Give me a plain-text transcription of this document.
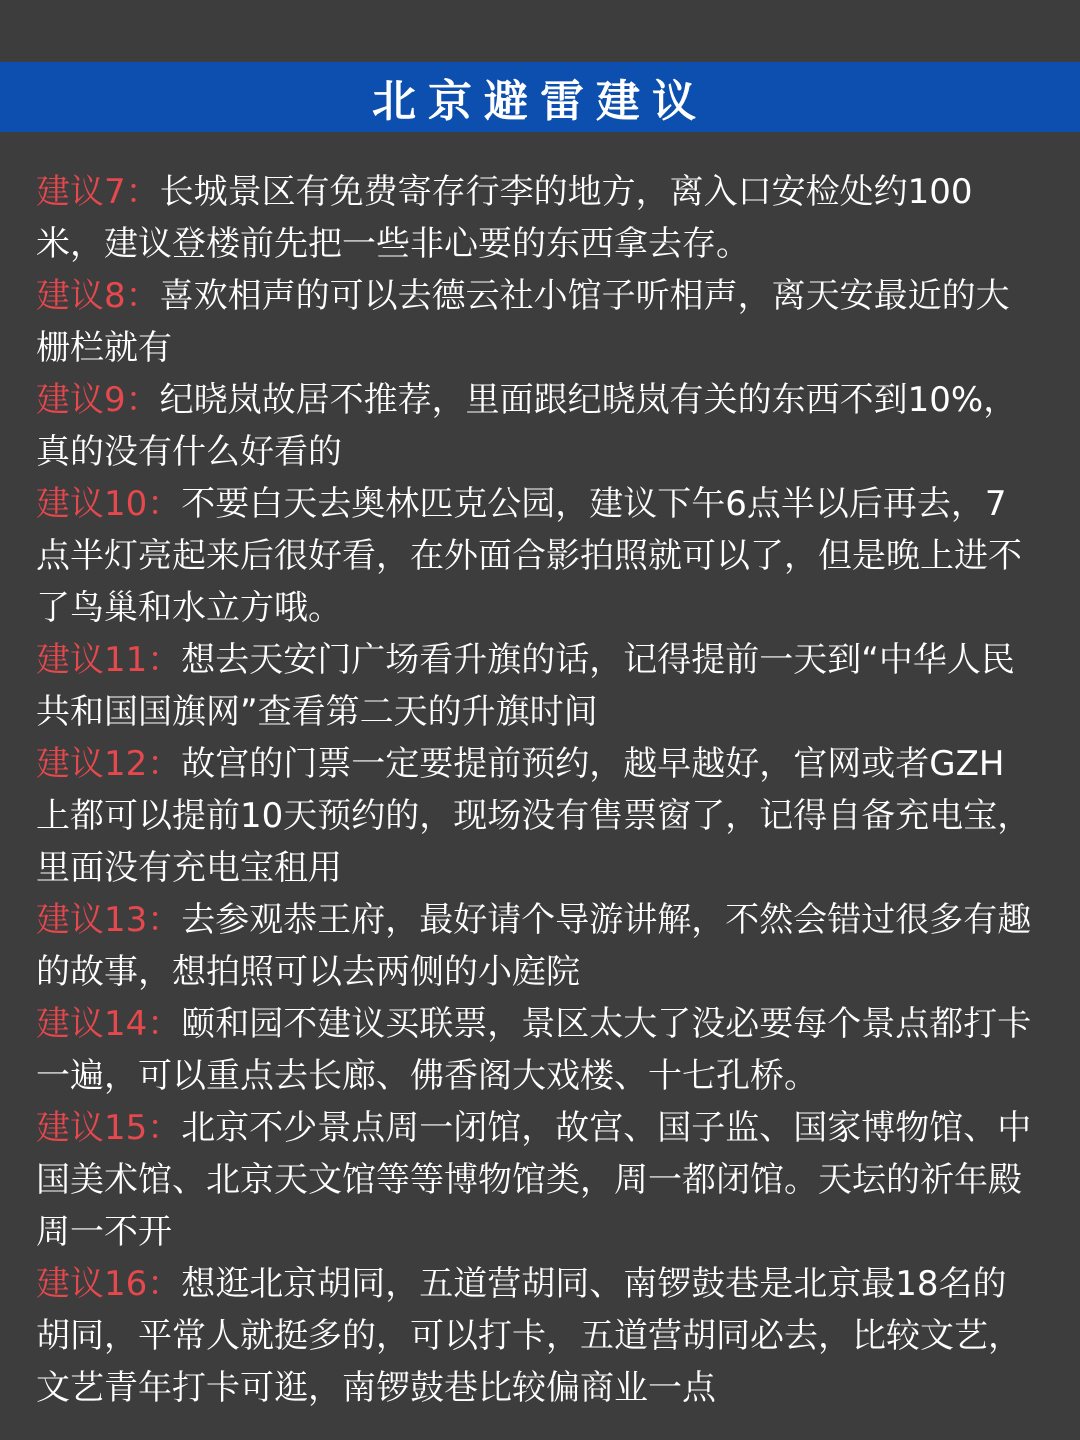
北京避雷建议
建议7：长城景区有免费寄存行李的地方，离入口安检处约100米，建议登楼前先把一些非心要的东西拿去存。
建议8：喜欢相声的可以去德云社小馆子听相声，离天安最近的大栅栏就有
建议9：纪晓岚故居不推荐，里面跟纪晓岚有关的东西不到10%， 真的没有什么好看的
建议10：不要白天去奥林匹克公园，建议下午6点半以后再去，7点半灯亮起来后很好看，在外面合影拍照就可以了，但是晚上进不了鸟巢和水立方哦。
建议11：想去天安门广场看升旗的话，记得提前一天到“中华人民共和国国旗网”查看第二天的升旗时间
建议12：故宫的门票一定要提前预约，越早越好，官网或者GZH上都可以提前10天预约的，现场没有售票窗了，记得自备充电宝，里面没有充电宝租用
建议13：去参观恭王府，最好请个导游讲解，不然会错过很多有趣的故事，想拍照可以去两侧的小庭院
建议14：颐和园不建议买联票，景区太大了没必要每个景点都打卡一遍，可以重点去长廊、佛香阁大戏楼、十七孔桥。
建议15：北京不少景点周一闭馆，故宫、国子监、国家博物馆、中国美术馆、北京天文馆等等博物馆类，周一都闭馆。天坛的祈年殿周一不开
建议16：想逛北京胡同，五道营胡同、南锣鼓巷是北京最18名的胡同，平常人就挺多的，可以打卡，五道营胡同必去，比较文艺，文艺青年打卡可逛，南锣鼓巷比较偏商业一点
